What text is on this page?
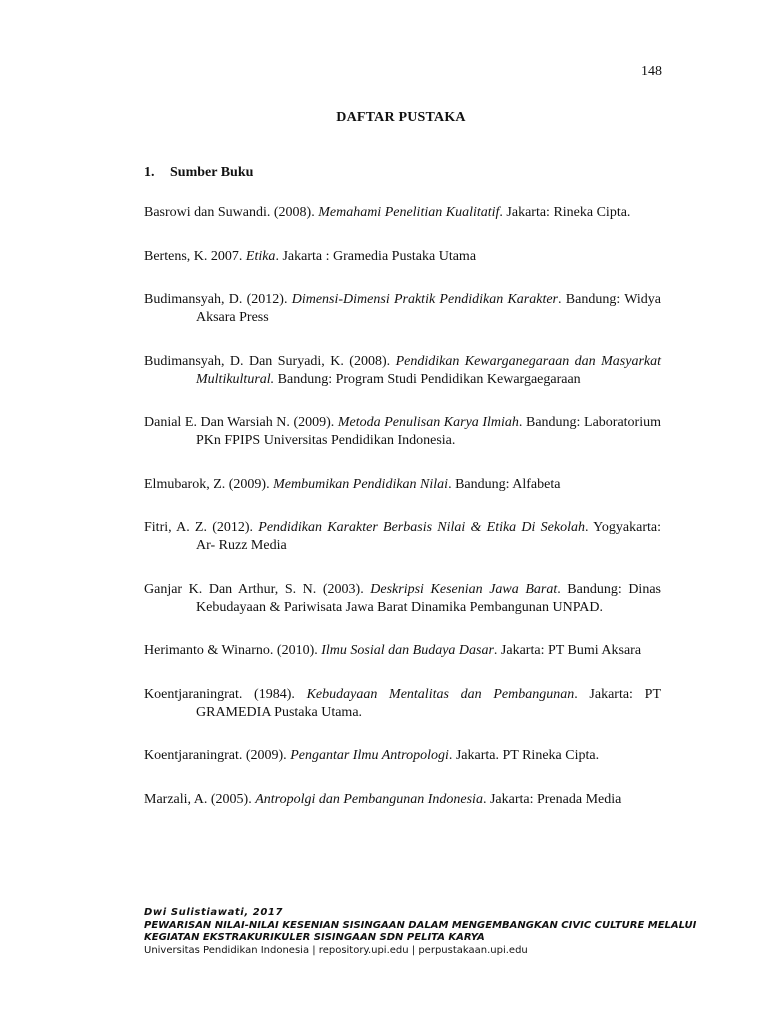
148
DAFTAR PUSTAKA
1. Sumber Buku

Basrowi dan Suwandi. (2008). Memahami Penelitian Kualitatif. Jakarta: Rineka Cipta.

Bertens, K. 2007. Etika. Jakarta : Gramedia Pustaka Utama

Budimansyah, D. (2012). Dimensi-Dimensi Praktik Pendidikan Karakter. Bandung: Widya Aksara Press

Budimansyah, D. Dan Suryadi, K. (2008). Pendidikan Kewarganegaraan dan Masyarkat Multikultural. Bandung: Program Studi Pendidikan Kewargaegaraan

Danial E. Dan Warsiah N. (2009). Metoda Penulisan Karya Ilmiah. Bandung: Laboratorium PKn FPIPS Universitas Pendidikan Indonesia.

Elmubarok, Z. (2009). Membumikan Pendidikan Nilai. Bandung: Alfabeta

Fitri, A. Z. (2012). Pendidikan Karakter Berbasis Nilai & Etika Di Sekolah. Yogyakarta: Ar- Ruzz Media

Ganjar K. Dan Arthur, S. N. (2003). Deskripsi Kesenian Jawa Barat. Bandung: Dinas Kebudayaan & Pariwisata Jawa Barat Dinamika Pembangunan UNPAD.

Herimanto & Winarno. (2010). Ilmu Sosial dan Budaya Dasar. Jakarta: PT Bumi Aksara

Koentjaraningrat. (1984). Kebudayaan Mentalitas dan Pembangunan. Jakarta: PT GRAMEDIA Pustaka Utama.

Koentjaraningrat. (2009). Pengantar Ilmu Antropologi. Jakarta. PT Rineka Cipta.

Marzali, A. (2005). Antropolgi dan Pembangunan Indonesia. Jakarta: Prenada Media

Dwi Sulistiawati, 2017
PEWARISAN NILAI-NILAI KESENIAN SISINGAAN DALAM MENGEMBANGKAN CIVIC CULTURE MELALUI
KEGIATAN EKSTRAKURIKULER SISINGAAN SDN PELITA KARYA
Universitas Pendidikan Indonesia | repository.upi.edu | perpustakaan.upi.edu
